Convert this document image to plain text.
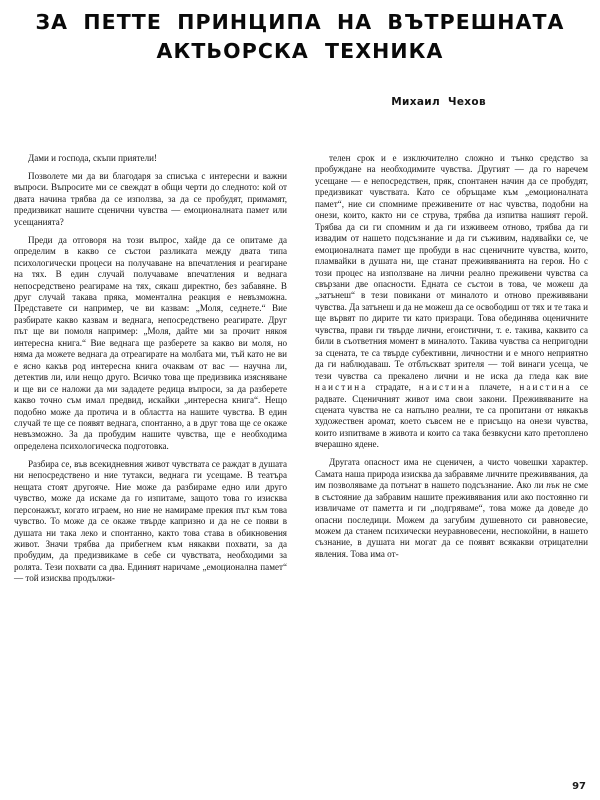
ЗА ПЕТТЕ ПРИНЦИПА НА ВЪТРЕШНАТА
АКТЬОРСКА ТЕХНИКА
Михаил Чехов

Дами и господа, скъпи приятели!

Позволете ми да ви благодаря за списъка с интересни и важни въпроси. Въпросите ми се свеждат в общи черти до следното: кой от двата начина трябва да се използва, за да се пробудят, примамят, предизвикат нашите сценични чувства — емоционалната памет или усещанията?

Преди да отговоря на този въпрос, хайде да се опитаме да определим в какво се състои разликата между двата типа психологически процеси на получаване на впечатления и реагиране на тях. В един случай получаваме впечатления и веднага непосредствено реагираме на тях, сякаш директно, без забавяне. В друг случай такава пряка, моментална реакция е невъзможна. Представете си например, че ви казвам: „Моля, седнете.“ Вие разбирате какво казвам и веднага, непосредствено реагирате. Друг път ще ви помоля например: „Моля, дайте ми за прочит някоя интересна книга.“ Вие веднага ще разберете за какво ви моля, но няма да можете веднага да отреагирате на молбата ми, тъй като не ви е ясно какъв род интересна книга очаквам от вас — научна ли, детектив ли, или нещо друго. Всичко това ще предизвика изясняване и ще ви се наложи да ми зададете редица въпроси, за да разберете какво точно съм имал предвид, искайки „интересна книга“. Нещо подобно може да протича и в областта на нашите чувства. В един случай те ще се появят веднага, спонтанно, а в друг това ще се окаже невъзможно. За да пробудим нашите чувства, ще е необходима определена психологическа подготовка.

Разбира се, във всекидневния живот чувствата се раждат в душата ни непосредствено и ние тутакси, веднага ги усещаме. В театъра нещата стоят другояче. Ние може да разбираме едно или друго чувство, може да искаме да го изпитаме, защото това го изисква персонажът, когато играем, но ние не намираме прекия път към това чувство. То може да се окаже твърде капризно и да не се появи в душата ни така леко и спонтанно, както това става в обикновения живот. Значи трябва да прибегнем към някакви похвати, за да пробудим, да предизвикаме в себе си чувствата, необходими за ролята. Тези похвати са два. Единият наричаме „емоционална памет“ — той изисква продължи-

телен срок и е изключително сложно и тънко средство за пробуждане на необходимите чувства. Другият — да го наречем усещане — е непосредствен, пряк, спонтанен начин да се пробудят, предизвикат чувствата. Като се обръщаме към „емоционалната памет“, ние си спомниме преживените от нас чувства, подобни на онези, които, както ни се струва, трябва да изпитва нашият герой. Трябва да си ги спомним и да ги изживеем отново, трябва да ги извадим от нашето подсъзнание и да ги съживим, надявайки се, че емоционалната памет ще пробуди в нас сценичните чувства, които, пламвайки в душата ни, ще станат преживяванията на героя. Но с този процес на използване на лични реално преживени чувства са свързани две опасности. Едната се състои в това, че можеш да „затънеш“ в тези повикани от миналото и отново преживявани чувства. Да затънеш и да не можеш да се освободиш от тях и те така и ще вървят по дирите ти като призраци. Това обединява оценичните чувства, прави ги твърде лични, егоистични, т. е. такива, каквито са били в съответния момент в миналото. Такива чувства са непригодни за сцената, те са твърде субективни, личностни и е много неприятно да ги наблюдаваш. Те отблъскват зрителя — той винаги усеща, че тези чувства са прекалено лични и не иска да гледа как вие наистина страдате, наистина плачете, наистина се радвате. Сценичният живот има свои закони. Преживяваните на сцената чувства не са напълно реални, те са пропитани от някакъв художествен аромат, което съвсем не е присъщо на онези чувства, които изпитваме в живота и които са така безвкусни като претоплено вчерашно ядене.

Другата опасност има не сценичен, а чисто човешки характер. Самата наша природа изисква да забравяме личните преживявания, да им позволяваме да потънат в нашето подсъзнание. Ако ли пък не сме в състояние да забравим нашите преживявания или ако постоянно ги извличаме от паметта и ги „подгряваме“, това може да доведе до опасни последици. Можем да загубим душевното си равновесие, можем да станем психически неуравновесени, неспокойни, в нашето съзнание, в душата ни могат да се появят всякакви отрицателни явления. Това има от-

97
